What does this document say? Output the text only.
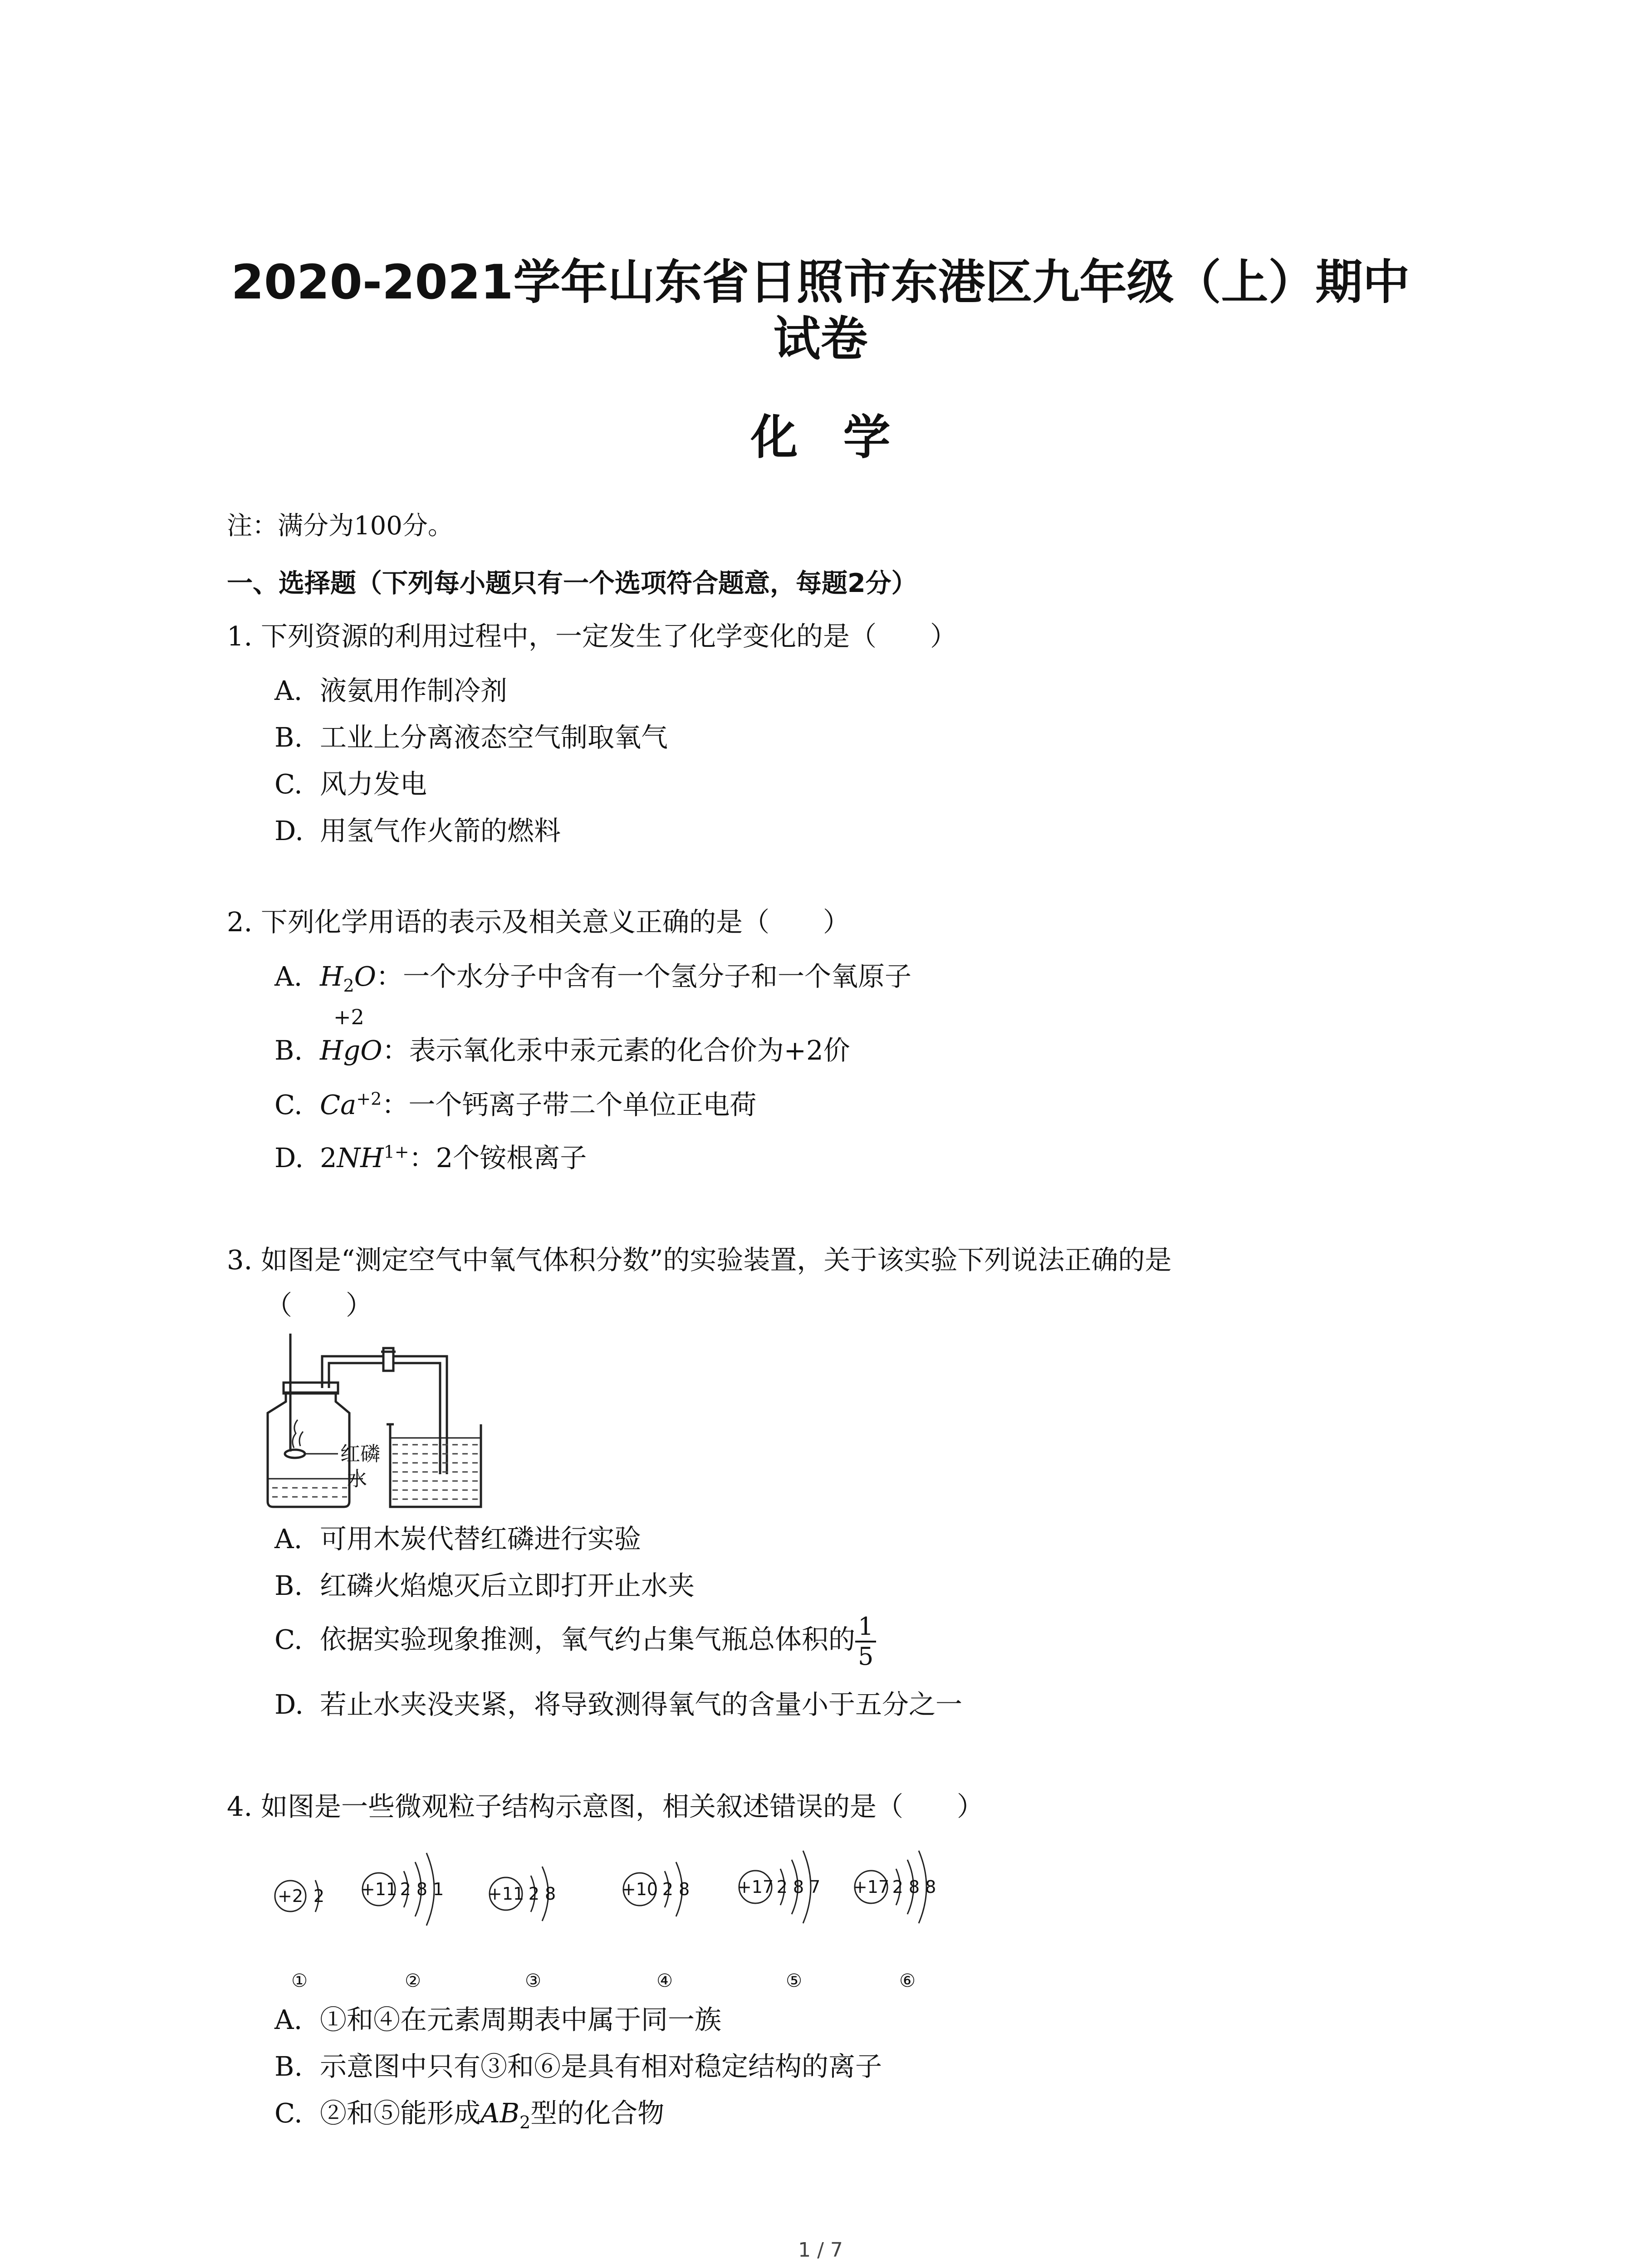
2020-2021学年山东省日照市东港区九年级（上）期中
试卷
化学
注：满分为100分。
一、选择题（下列每小题只有一个选项符合题意，每题2分）
1. 下列资源的利用过程中，一定发生了化学变化的是（　　）
A. 液氨用作制冷剂
B. 工业上分离液态空气制取氧气
C. 风力发电
D. 用氢气作火箭的燃料
2. 下列化学用语的表示及相关意义正确的是（　　）
A. $H_2O$：一个水分子中含有一个氢分子和一个氧原子
+2
B. HgO：表示氧化汞中汞元素的化合价为+2价
C. $Ca^{+2}$：一个钙离子带二个单位正电荷
D. $2NH^{1+}$：2个铵根离子
3. 如图是“测定空气中氧气体积分数”的实验装置，关于该实验下列说法正确的是
（　　）
红磷
水
A. 可用木炭代替红磷进行实验
B. 红磷火焰熄灭后立即打开止水夹
C. 依据实验现象推测，氧气约占集气瓶总体积的 $\frac{1}{5}$
D. 若止水夹没夹紧，将导致测得氧气的含量小于五分之一
4. 如图是一些微观粒子结构示意图，相关叙述错误的是（　　）
+2 2 +11 2 8 1	+11 2 8	+10 2 8	+17 2 8 7 +17 2 8 8
①	②	③	④	⑤	⑥
A. ①和④在元素周期表中属于同一族
B. 示意图中只有③和⑥是具有相对稳定结构的离子
C. ②和⑤能形成$AB_2$型的化合物
1 / 7
